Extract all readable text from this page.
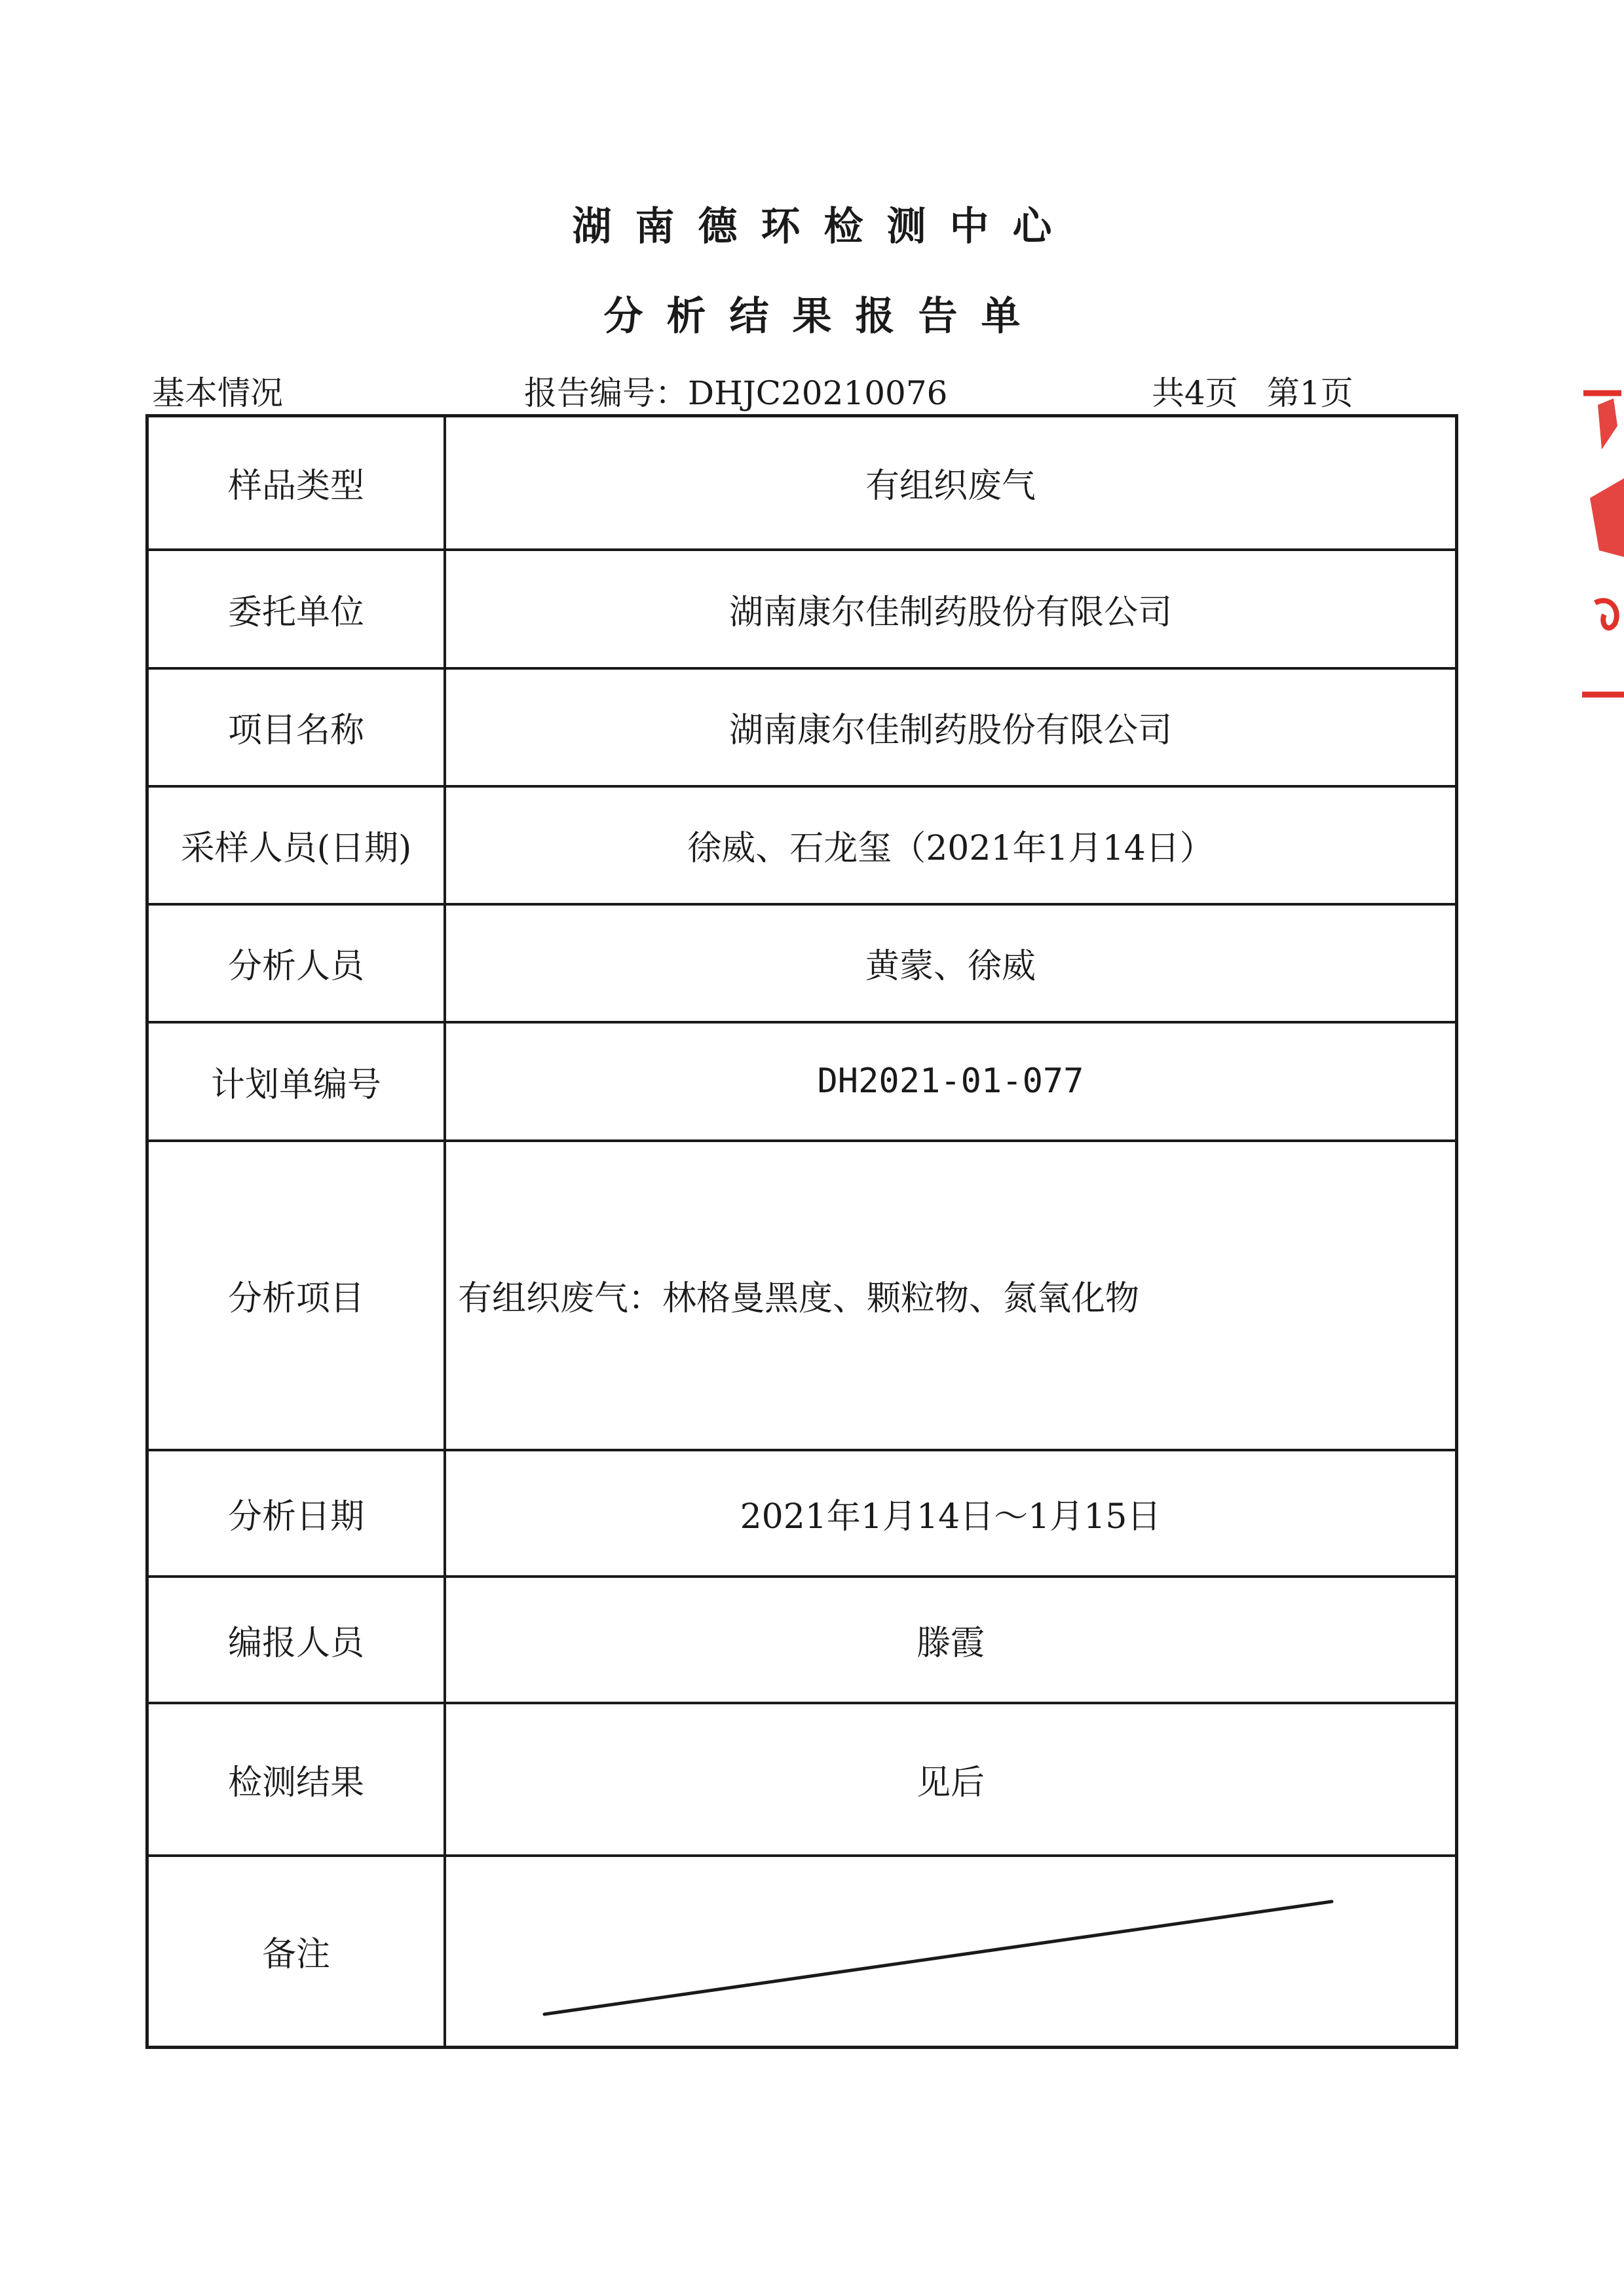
湖南德环检测中心
分析结果报告单
基本情况	报告编号：DHJC20210076	共4页 第1页
样品类型	有组织废气
委托单位	湖南康尔佳制药股份有限公司
项目名称	湖南康尔佳制药股份有限公司
采样人员(日期)	徐威、石龙玺（2021年1月14日）
分析人员	黄蒙、徐威
计划单编号	DH2021-01-077
分析项目	有组织废气：林格曼黑度、颗粒物、氮氧化物
分析日期	2021年1月14日～1月15日
编报人员	滕霞
检测结果	见后
备注	
